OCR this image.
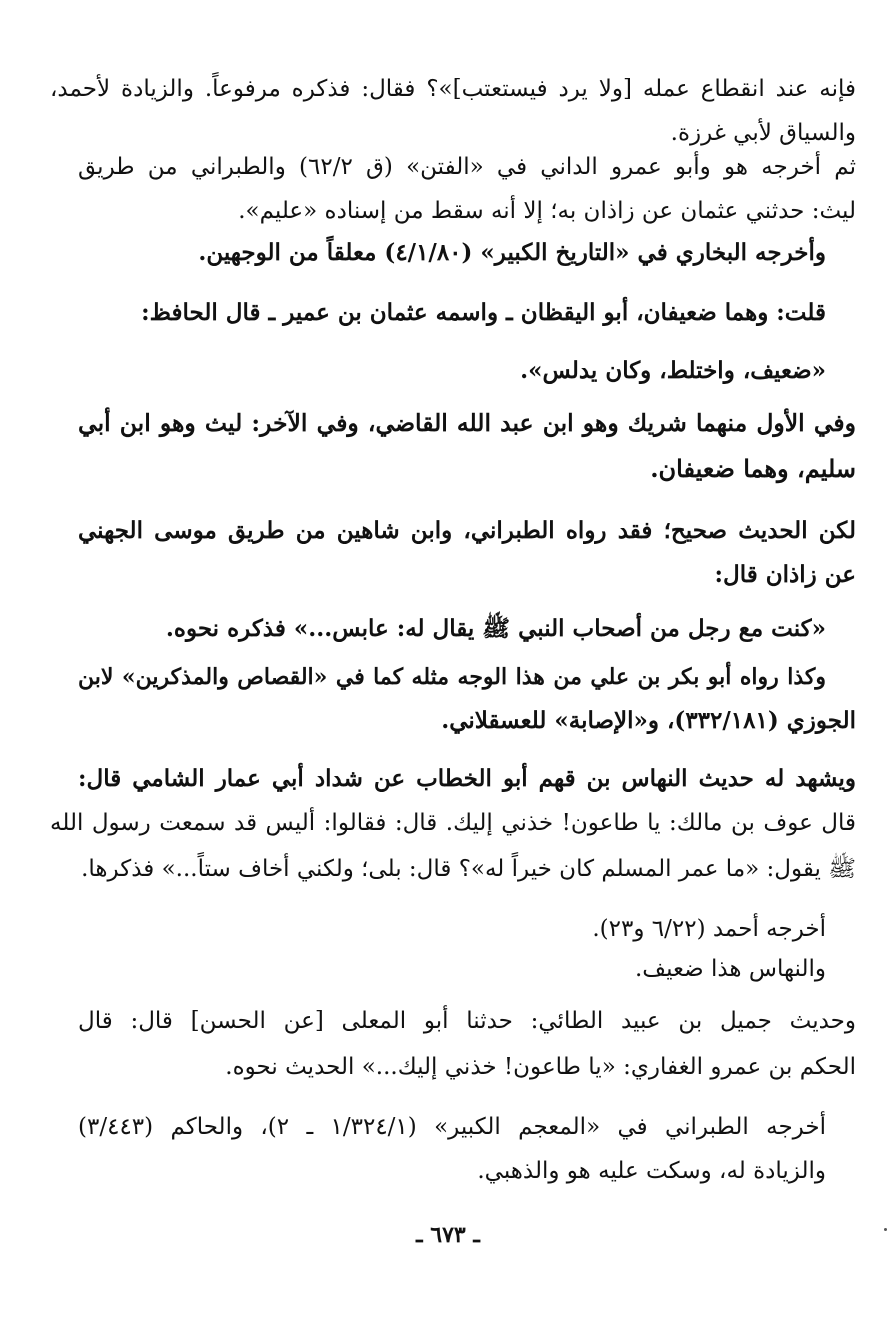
فإنه عند انقطاع عمله [ولا يرد فيستعتب]»؟ فقال: فذكره مرفوعاً. والزيادة لأحمد،
والسياق لأبي غرزة.
ثم أخرجه هو وأبو عمرو الداني في «الفتن» (ق ٦٢/٢) والطبراني من طريق
ليث: حدثني عثمان عن زاذان به؛ إلا أنه سقط من إسناده «عليم».
وأخرجه البخاري في «التاريخ الكبير» (٤/١/٨٠) معلقاً من الوجهين.
قلت: وهما ضعيفان، أبو اليقظان ـ واسمه عثمان بن عمير ـ قال الحافظ:
«ضعيف، واختلط، وكان يدلس».
وفي الأول منهما شريك وهو ابن عبد الله القاضي، وفي الآخر: ليث وهو ابن أبي
سليم، وهما ضعيفان.
لكن الحديث صحيح؛ فقد رواه الطبراني، وابن شاهين من طريق موسى الجهني
عن زاذان قال:
«كنت مع رجل من أصحاب النبي ﷺ يقال له: عابس...» فذكره نحوه.
وكذا رواه أبو بكر بن علي من هذا الوجه مثله كما في «القصاص والمذكرين» لابن
الجوزي (٣٣٢/١٨١)، و«الإصابة» للعسقلاني.
ويشهد له حديث النهاس بن قهم أبو الخطاب عن شداد أبي عمار الشامي قال:
قال عوف بن مالك: يا طاعون! خذني إليك. قال: فقالوا: أليس قد سمعت رسول الله
ﷺ يقول: «ما عمر المسلم كان خيراً له»؟ قال: بلى؛ ولكني أخاف ستاً...» فذكرها.
أخرجه أحمد (٦/٢٢ و٢٣).
والنهاس هذا ضعيف.
وحديث جميل بن عبيد الطائي: حدثنا أبو المعلى [عن الحسن] قال: قال
الحكم بن عمرو الغفاري: «يا طاعون! خذني إليك...» الحديث نحوه.
أخرجه الطبراني في «المعجم الكبير» (١/٣٢٤/١ ـ ٢)، والحاكم (٣/٤٤٣)
والزيادة له، وسكت عليه هو والذهبي.
ـ ٦٧٣ ـ
